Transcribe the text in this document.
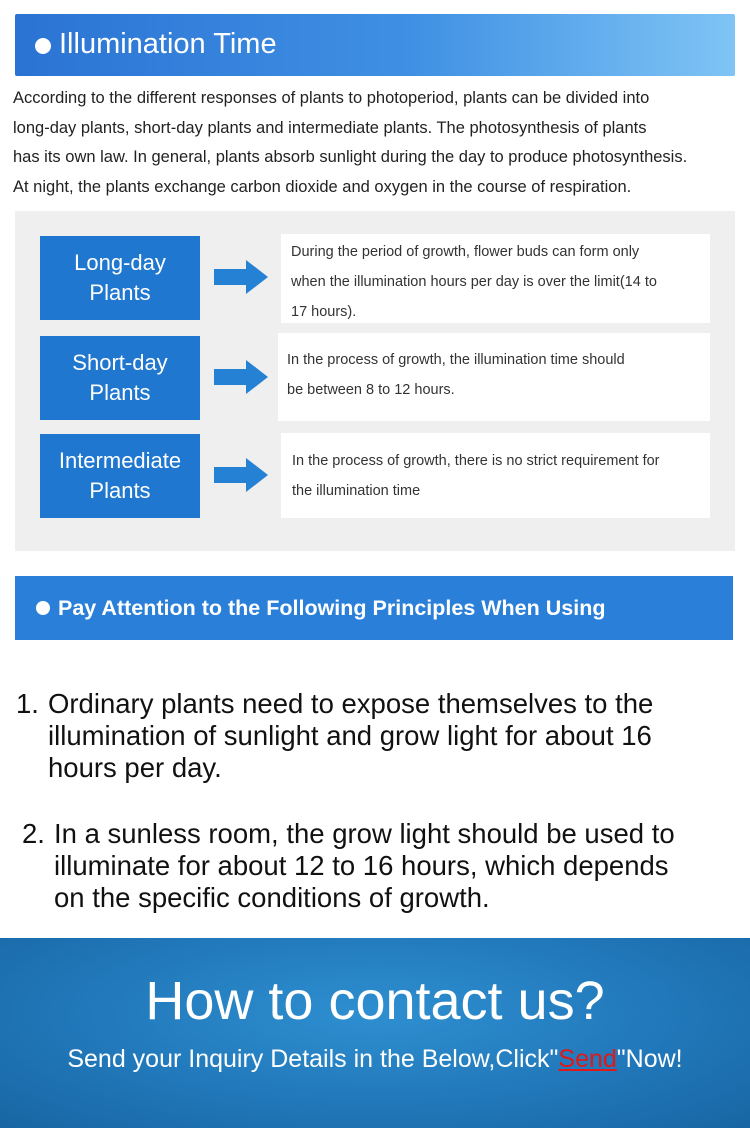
Illumination Time
According to the different responses of plants to photoperiod, plants can be divided into
long-day plants, short-day plants and intermediate plants. The photosynthesis of plants
has its own law. In general, plants absorb sunlight during the day to produce photosynthesis.
At night, the plants exchange carbon dioxide and oxygen in the course of respiration.
Long-day
Plants
During the period of growth, flower buds can form only
when the illumination hours per day is over the limit(14 to
17 hours).
Short-day
Plants
In the process of growth, the illumination time should
be between 8 to 12 hours.
Intermediate
Plants
In the process of growth, there is no strict requirement for
the illumination time
Pay Attention to the Following Principles When Using
1. Ordinary plants need to expose themselves to the
illumination of sunlight and grow light for about 16
hours per day.
2. In a sunless room, the grow light should be used to
illuminate for about 12 to 16 hours, which depends
on the specific conditions of growth.
How to contact us?
Send your Inquiry Details in the Below,Click"Send"Now!
